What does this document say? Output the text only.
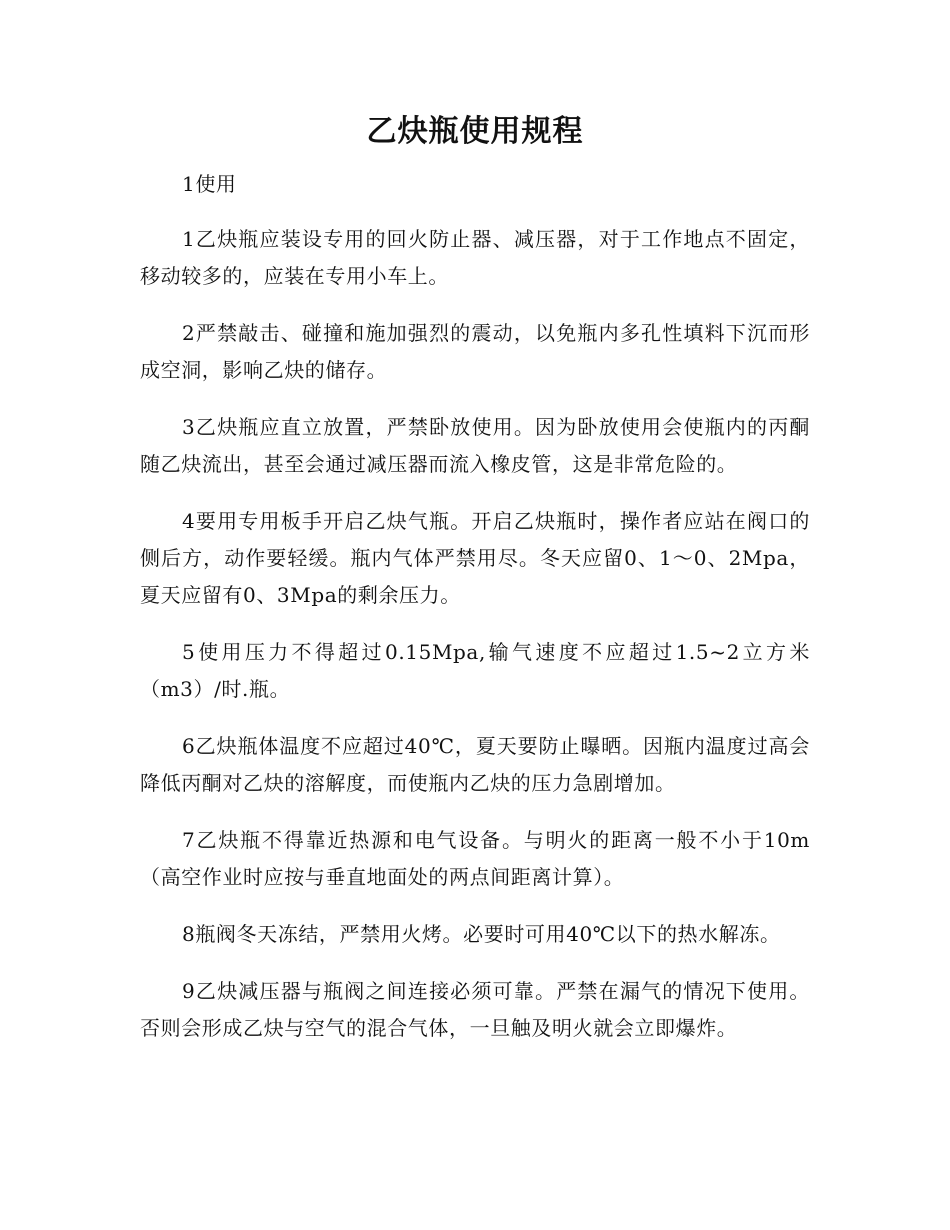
乙炔瓶使用规程

1使用

1乙炔瓶应装设专用的回火防止器、减压器，对于工作地点不固定，移动较多的，应装在专用小车上。

2严禁敲击、碰撞和施加强烈的震动，以免瓶内多孔性填料下沉而形成空洞，影响乙炔的储存。

3乙炔瓶应直立放置，严禁卧放使用。因为卧放使用会使瓶内的丙酮随乙炔流出，甚至会通过减压器而流入橡皮管，这是非常危险的。

4要用专用板手开启乙炔气瓶。开启乙炔瓶时，操作者应站在阀口的侧后方，动作要轻缓。瓶内气体严禁用尽。冬天应留0、1～0、2Mpa，夏天应留有0、3Mpa的剩余压力。

5使用压力不得超过0.15Mpa,输气速度不应超过1.5~2立方米（m3）/时.瓶。

6乙炔瓶体温度不应超过40℃，夏天要防止曝晒。因瓶内温度过高会降低丙酮对乙炔的溶解度，而使瓶内乙炔的压力急剧增加。

7乙炔瓶不得靠近热源和电气设备。与明火的距离一般不小于10m（高空作业时应按与垂直地面处的两点间距离计算）。

8瓶阀冬天冻结，严禁用火烤。必要时可用40℃以下的热水解冻。

9乙炔减压器与瓶阀之间连接必须可靠。严禁在漏气的情况下使用。否则会形成乙炔与空气的混合气体，一旦触及明火就会立即爆炸。
